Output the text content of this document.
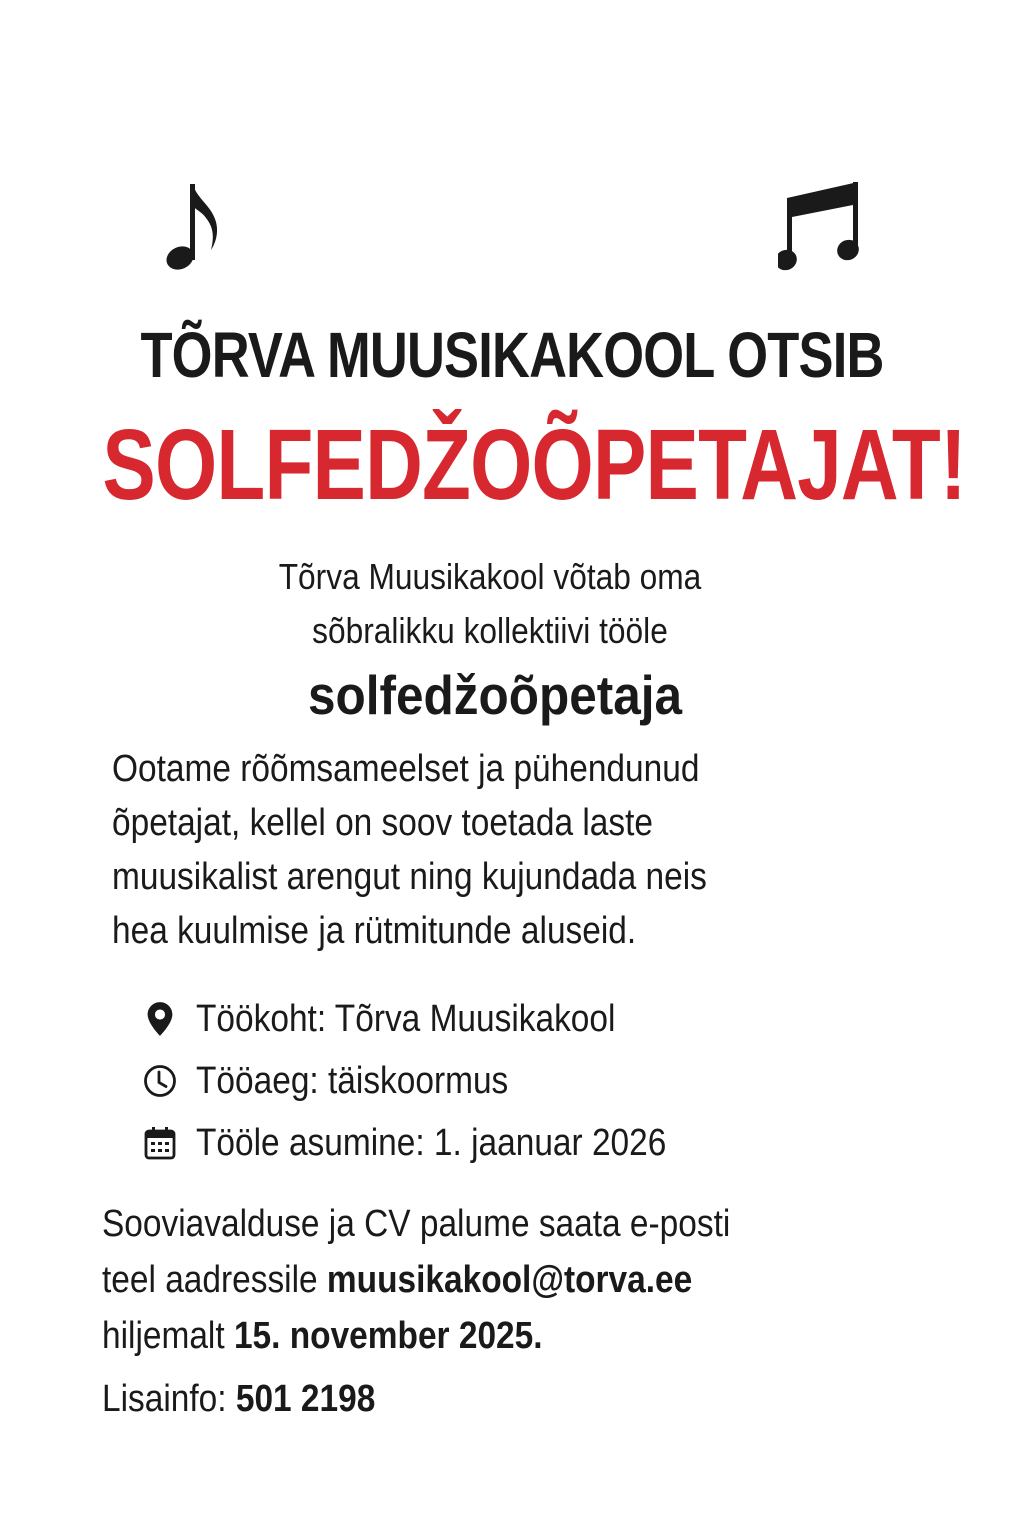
TÕRVA MUUSIKAKOOL OTSIB
SOLFEDŽOÕPETAJAT!
Tõrva Muusikakool võtab oma
sõbralikku kollektiivi tööle
solfedžoõpetaja
Ootame rõõmsameelset ja pühendunud
õpetajat, kellel on soov toetada laste
muusikalist arengut ning kujundada neis
hea kuulmise ja rütmitunde aluseid.
Töökoht: Tõrva Muusikakool
Tööaeg: täiskoormus
Tööle asumine: 1. jaanuar 2026
Sooviavalduse ja CV palume saata e-posti
teel aadressile muusikakool@torva.ee
hiljemalt 15. november 2025.
Lisainfo: 501 2198
